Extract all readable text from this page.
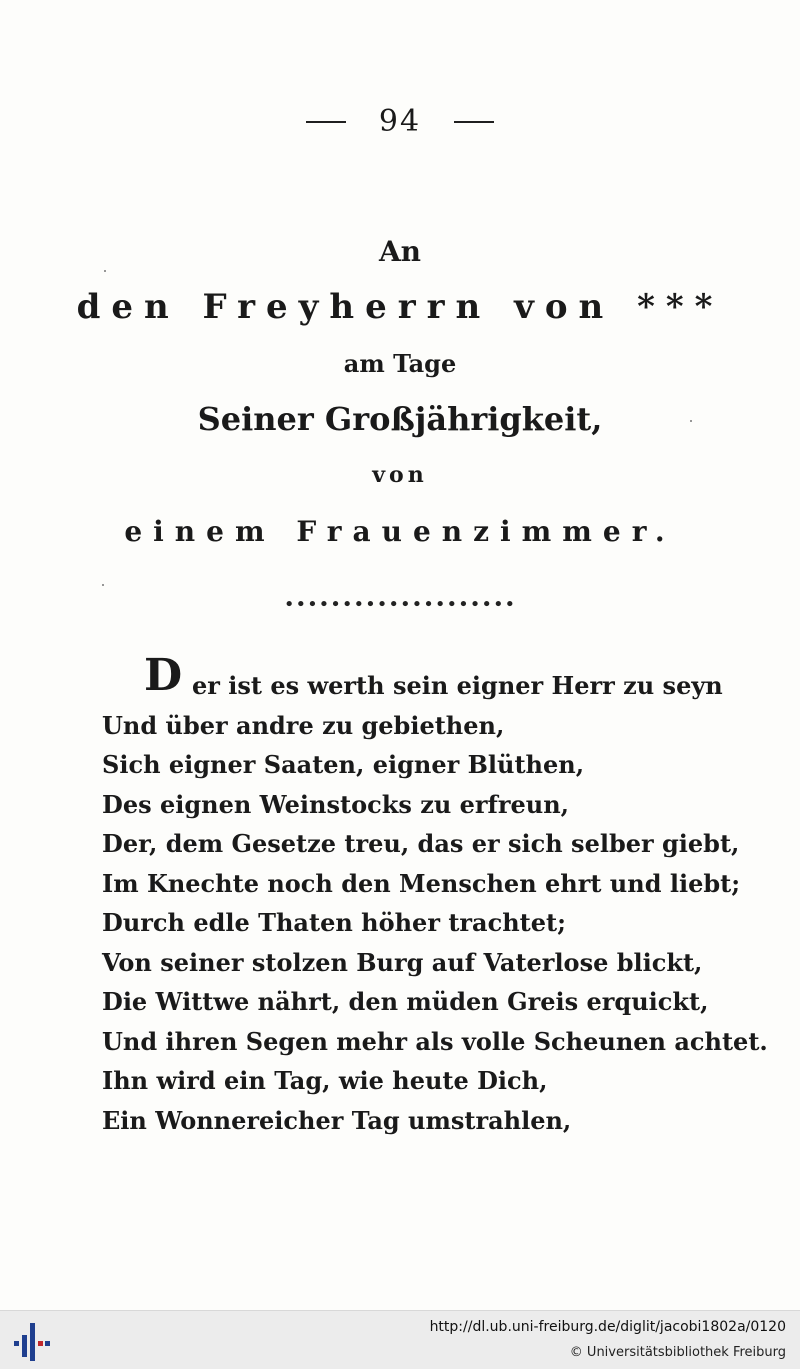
94
An
den Freyherrn von ***
am Tage
Seiner Großjährigkeit,
von
einem Frauenzimmer.
••••••••••••••••••••
D er ist es werth sein eigner Herr zu seyn
Und über andre zu gebiethen,
Sich eigner Saaten, eigner Blüthen,
Des eignen Weinstocks zu erfreun,
Der, dem Gesetze treu, das er sich selber giebt,
Im Knechte noch den Menschen ehrt und liebt;
Durch edle Thaten höher trachtet;
Von seiner stolzen Burg auf Vaterlose blickt,
Die Wittwe nährt, den müden Greis erquickt,
Und ihren Segen mehr als volle Scheunen achtet.
Ihn wird ein Tag, wie heute Dich,
Ein Wonnereicher Tag umstrahlen,
http://dl.ub.uni-freiburg.de/diglit/jacobi1802a/0120
© Universitätsbibliothek Freiburg
